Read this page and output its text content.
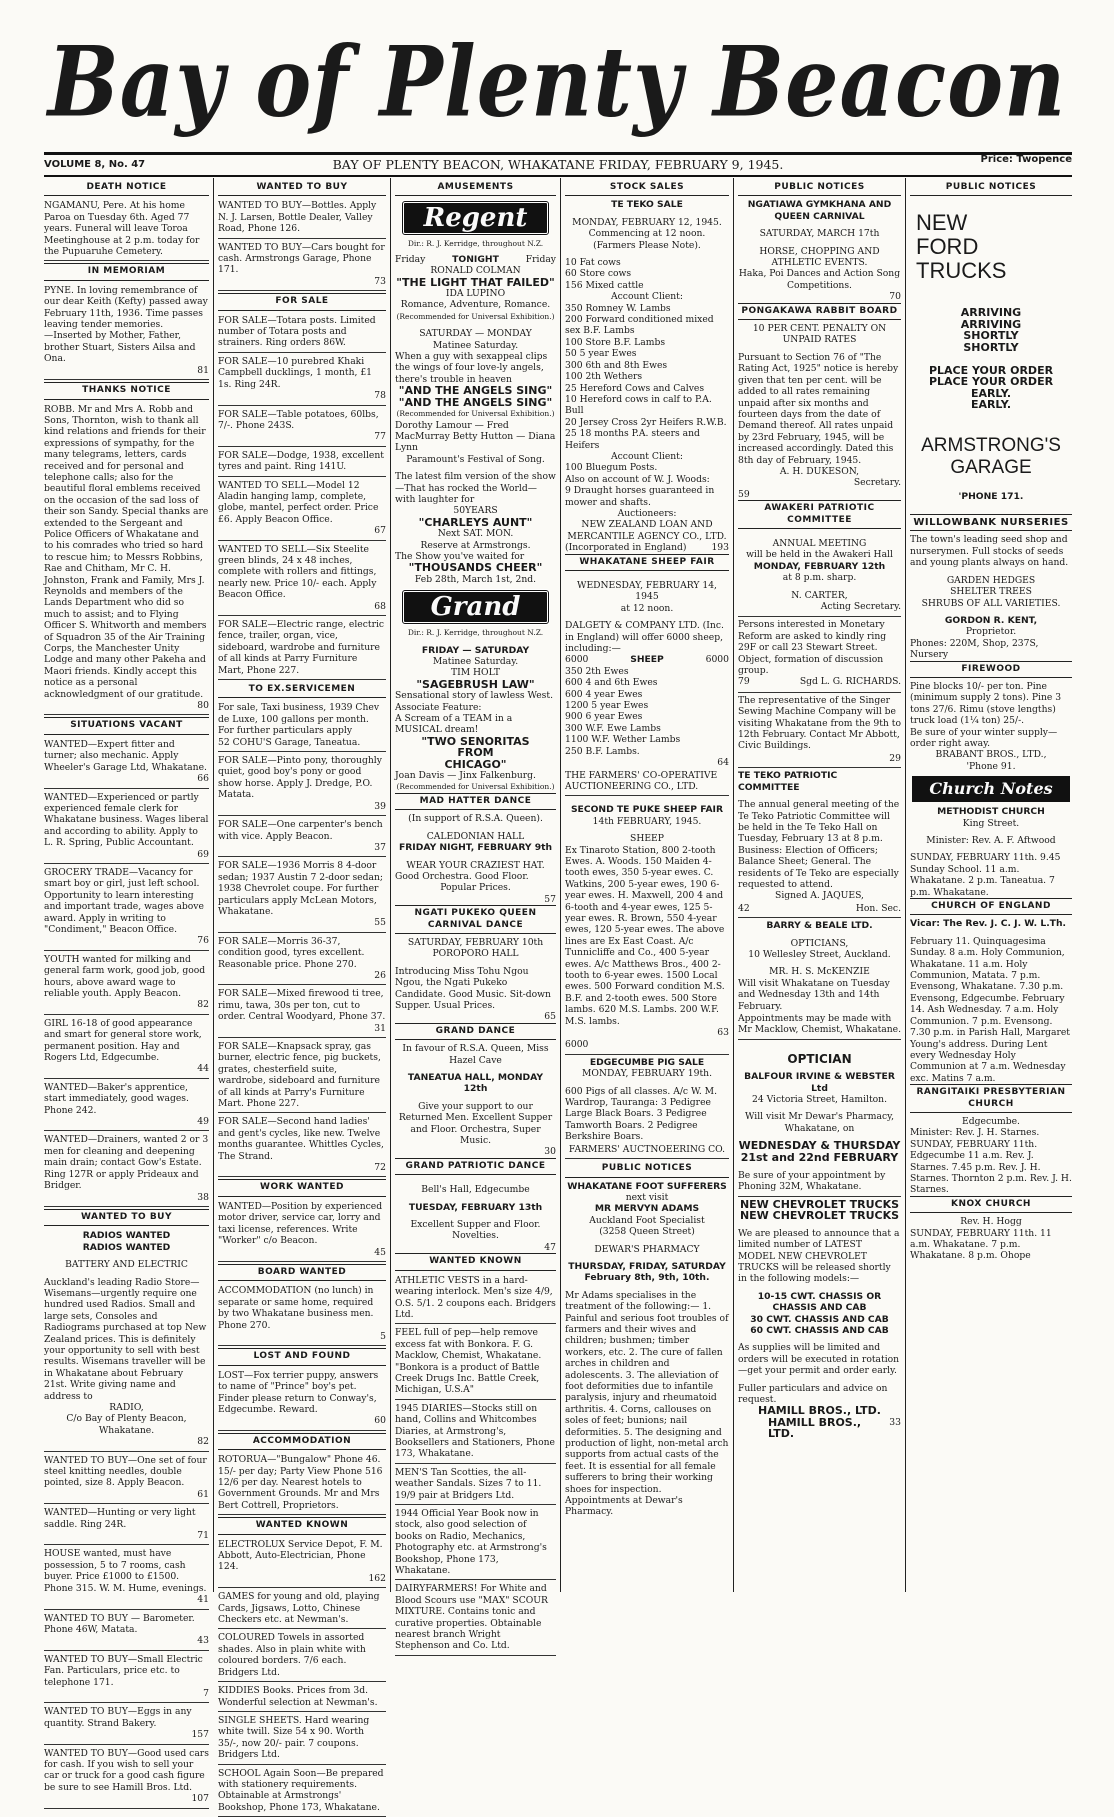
Bay of Plenty Beacon
VOLUME 8, No. 47	BAY OF PLENTY BEACON, WHAKATANE FRIDAY, FEBRUARY 9, 1945.	Price: Twopence
DEATH NOTICE

NGAMANU, Pere. At his home Paroa on Tuesday 6th. Aged 77 years. Funeral will leave Toroa Meetinghouse at 2 p.m. today for the Pupuaruhe Cemetery.

IN MEMORIAM

PYNE. In loving remembrance of our dear Keith (Kefty) passed away February 11th, 1936. Time passes leaving tender memories.

—Inserted by Mother, Father, brother Stuart, Sisters Ailsa and Ona.

81

THANKS NOTICE

ROBB. Mr and Mrs A. Robb and Sons, Thornton, wish to thank all kind relations and friends for their expressions of sympathy, for the many telegrams, letters, cards received and for personal and telephone calls; also for the beautiful floral emblems received on the occasion of the sad loss of their son Sandy. Special thanks are extended to the Sergeant and Police Officers of Whakatane and to his comrades who tried so hard to rescue him; to Messrs Robbins, Rae and Chitham, Mr C. H. Johnston, Frank and Family, Mrs J. Reynolds and members of the Lands Department who did so much to assist; and to Flying Officer S. Whitworth and members of Squadron 35 of the Air Training Corps, the Manchester Unity Lodge and many other Pakeha and Maori friends. Kindly accept this notice as a personal acknowledgment of our gratitude.

80

SITUATIONS VACANT

WANTED—Expert fitter and turner; also mechanic. Apply Wheeler's Garage Ltd, Whakatane.

66

WANTED—Experienced or partly experienced female clerk for Whakatane business. Wages liberal and according to ability. Apply to L. R. Spring, Public Accountant.

69

GROCERY TRADE—Vacancy for smart boy or girl, just left school. Opportunity to learn interesting and important trade, wages above award. Apply in writing to "Condiment," Beacon Office.

76

YOUTH wanted for milking and general farm work, good job, good hours, above award wage to reliable youth. Apply Beacon.

82

GIRL 16-18 of good appearance and smart for general store work, permanent position. Hay and Rogers Ltd, Edgecumbe.

44

WANTED—Baker's apprentice, start immediately, good wages. Phone 242.

49

WANTED—Drainers, wanted 2 or 3 men for cleaning and deepening main drain; contact Gow's Estate. Ring 127R or apply Prideaux and Bridger.

38

WANTED TO BUY

RADIOS WANTED

RADIOS WANTED

BATTERY AND ELECTRIC

Auckland's leading Radio Store—Wisemans—urgently require one hundred used Radios. Small and large sets, Consoles and Radiograms purchased at top New Zealand prices. This is definitely your opportunity to sell with best results. Wisemans traveller will be in Whakatane about February 21st. Write giving name and address to

RADIO,

C/o Bay of Plenty Beacon, Whakatane.

82

WANTED TO BUY—One set of four steel knitting needles, double pointed, size 8. Apply Beacon.

61

WANTED—Hunting or very light saddle. Ring 24R.

71

HOUSE wanted, must have possession, 5 to 7 rooms, cash buyer. Price £1000 to £1500. Phone 315. W. M. Hume, evenings.

41

WANTED TO BUY — Barometer. Phone 46W, Matata.

43

WANTED TO BUY—Small Electric Fan. Particulars, price etc. to telephone 171.

7

WANTED TO BUY—Eggs in any quantity. Strand Bakery.

157

WANTED TO BUY—Good used cars for cash. If you wish to sell your car or truck for a good cash figure be sure to see Hamill Bros. Ltd.

107

WANTED TO BUY

WANTED TO BUY—Bottles. Apply N. J. Larsen, Bottle Dealer, Valley Road, Phone 126.

WANTED TO BUY—Cars bought for cash. Armstrongs Garage, Phone 171.

73

FOR SALE

FOR SALE—Totara posts. Limited number of Totara posts and strainers. Ring orders 86W.

FOR SALE—10 purebred Khaki Campbell ducklings, 1 month, £1 1s. Ring 24R.

78

FOR SALE—Table potatoes, 60lbs, 7/-. Phone 243S.

77

FOR SALE—Dodge, 1938, excellent tyres and paint. Ring 141U.

WANTED TO SELL—Model 12 Aladin hanging lamp, complete, globe, mantel, perfect order. Price £6. Apply Beacon Office.

67

WANTED TO SELL—Six Steelite green blinds, 24 x 48 inches, complete with rollers and fittings, nearly new. Price 10/- each. Apply Beacon Office.

68

FOR SALE—Electric range, electric fence, trailer, organ, vice, sideboard, wardrobe and furniture of all kinds at Parry Furniture Mart, Phone 227.

TO EX.SERVICEMEN

For sale, Taxi business, 1939 Chev de Luxe, 100 gallons per month. For further particulars apply

52 COHU'S Garage, Taneatua.

FOR SALE—Pinto pony, thoroughly quiet, good boy's pony or good show horse. Apply J. Dredge, P.O. Matata.

39

FOR SALE—One carpenter's bench with vice. Apply Beacon.

37

FOR SALE—1936 Morris 8 4-door sedan; 1937 Austin 7 2-door sedan; 1938 Chevrolet coupe. For further particulars apply McLean Motors, Whakatane.

55

FOR SALE—Morris 36-37, condition good, tyres excellent. Reasonable price. Phone 270.

26

FOR SALE—Mixed firewood ti tree, rimu, tawa, 30s per ton, cut to order. Central Woodyard, Phone 37.

31

FOR SALE—Knapsack spray, gas burner, electric fence, pig buckets, grates, chesterfield suite, wardrobe, sideboard and furniture of all kinds at Parry's Furniture Mart. Phone 227.

FOR SALE—Second hand ladies' and gent's cycles, like new. Twelve months guarantee. Whittles Cycles, The Strand.

72

WORK WANTED

WANTED—Position by experienced motor driver, service car, lorry and taxi license, references. Write "Worker" c/o Beacon.

45

BOARD WANTED

ACCOMMODATION (no lunch) in separate or same home, required by two Whakatane business men. Phone 270.

5

LOST AND FOUND

LOST—Fox terrier puppy, answers to name of "Prince" boy's pet. Finder please return to Conway's, Edgecumbe. Reward.

60

ACCOMMODATION

ROTORUA—"Bungalow" Phone 46. 15/- per day; Party View Phone 516 12/6 per day. Nearest hotels to Government Grounds. Mr and Mrs Bert Cottrell, Proprietors.

WANTED KNOWN

ELECTROLUX Service Depot, F. M. Abbott, Auto-Electrician, Phone 124.

162

GAMES for young and old, playing Cards, Jigsaws, Lotto, Chinese Checkers etc. at Newman's.

COLOURED Towels in assorted shades. Also in plain white with coloured borders. 7/6 each. Bridgers Ltd.

KIDDIES Books. Prices from 3d. Wonderful selection at Newman's.

SINGLE SHEETS. Hard wearing white twill. Size 54 x 90. Worth 35/-, now 20/- pair. 7 coupons. Bridgers Ltd.

SCHOOL Again Soon—Be prepared with stationery requirements. Obtainable at Armstrongs' Bookshop, Phone 173, Whakatane.

AMUSEMENTS
Regent

Dir.: R. J. Kerridge, throughout N.Z.

Friday	TONIGHT	Friday

RONALD COLMAN

"THE LIGHT THAT FAILED"

IDA LUPINO

Romance, Adventure, Romance.

(Recommended for Universal Exhibition.)

SATURDAY — MONDAY

Matinee Saturday.

When a guy with sexappeal clips the wings of four love-ly angels, there's trouble in heaven

"AND THE ANGELS SING"

"AND THE ANGELS SING"

(Recommended for Universal Exhibition.)

Dorothy Lamour — Fred MacMurray Betty Hutton — Diana Lynn

Paramount's Festival of Song.

The latest film version of the show—That has rocked the World—with laughter for

50YEARS

"CHARLEYS AUNT"

Next SAT. MON.

Reserve at Armstrongs.

The Show you've waited for

"THOUSANDS CHEER"

Feb 28th, March 1st, 2nd.

Grand

Dir.: R. J. Kerridge, throughout N.Z.

FRIDAY — SATURDAY

Matinee Saturday.

TIM HOLT

"SAGEBRUSH LAW"

Sensational story of lawless West. Associate Feature:

A Scream of a TEAM in a MUSICAL dream!

"TWO SENORITAS

FROM

CHICAGO"

Joan Davis — Jinx Falkenburg.

(Recommended for Universal Exhibition.)

MAD HATTER DANCE

(In support of R.S.A. Queen).

CALEDONIAN HALL

FRIDAY NIGHT, FEBRUARY 9th

WEAR YOUR CRAZIEST HAT.

Good Orchestra. Good Floor.

Popular Prices.

57

NGATI PUKEKO QUEEN CARNIVAL DANCE

SATURDAY, FEBRUARY 10th

POROPORO HALL

Introducing Miss Tohu Ngou Ngou, the Ngati Pukeko Candidate. Good Music. Sit-down Supper. Usual Prices.

65

GRAND DANCE

In favour of R.S.A. Queen, Miss Hazel Cave

TANEATUA HALL, MONDAY 12th

Give your support to our Returned Men. Excellent Supper and Floor. Orchestra, Super Music.

30

GRAND PATRIOTIC DANCE

Bell's Hall, Edgecumbe

TUESDAY, FEBRUARY 13th

Excellent Supper and Floor. Novelties.

47

WANTED KNOWN

ATHLETIC VESTS in a hard-wearing interlock. Men's size 4/9, O.S. 5/1. 2 coupons each. Bridgers Ltd.

FEEL full of pep—help remove excess fat with Bonkora. F. G. Macklow, Chemist, Whakatane. "Bonkora is a product of Battle Creek Drugs Inc. Battle Creek, Michigan, U.S.A"

1945 DIARIES—Stocks still on hand, Collins and Whitcombes Diaries, at Armstrong's, Booksellers and Stationers, Phone 173, Whakatane.

MEN'S Tan Scotties, the all-weather Sandals. Sizes 7 to 11. 19/9 pair at Bridgers Ltd.

1944 Official Year Book now in stock, also good selection of books on Radio, Mechanics, Photography etc. at Armstrong's Bookshop, Phone 173, Whakatane.

DAIRYFARMERS! For White and Blood Scours use "MAX" SCOUR MIXTURE. Contains tonic and curative properties. Obtainable nearest branch Wright Stephenson and Co. Ltd.

STOCK SALES

TE TEKO SALE

MONDAY, FEBRUARY 12, 1945.

Commencing at 12 noon.

(Farmers Please Note).

10 Fat cows

60 Store cows

156 Mixed cattle

Account Client:

350 Romney W. Lambs

200 Forward conditioned mixed sex B.F. Lambs

100 Store B.F. Lambs

50 5 year Ewes

300 6th and 8th Ewes

100 2th Wethers

25 Hereford Cows and Calves

10 Hereford cows in calf to P.A. Bull

20 Jersey Cross 2yr Heifers R.W.B.

25 18 months P.A. steers and Heifers

Account Client:

100 Bluegum Posts.

Also on account of W. J. Woods:

9 Draught horses guaranteed in mower and shafts.

Auctioneers:

NEW ZEALAND LOAN AND MERCANTILE AGENCY CO., LTD.

(Incorporated in England)	193
WHAKATANE SHEEP FAIR

WEDNESDAY, FEBRUARY 14, 1945

at 12 noon.

DALGETY & COMPANY LTD. (Inc. in England) will offer 6000 sheep, including:—

6000	SHEEP	6000

350 2th Ewes

600 4 and 6th Ewes

600 4 year Ewes

1200 5 year Ewes

900 6 year Ewes

300 W.F. Ewe Lambs

1100 W.F. Wether Lambs

250 B.F. Lambs.

64

THE FARMERS' CO-OPERATIVE AUCTIONEERING CO., LTD.

SECOND TE PUKE SHEEP FAIR

14th FEBRUARY, 1945.

SHEEP

Ex Tinaroto Station, 800 2-tooth Ewes. A. Woods. 150 Maiden 4-tooth ewes, 350 5-year ewes. C. Watkins, 200 5-year ewes, 190 6-year ewes. H. Maxwell, 200 4 and 6-tooth and 4-year ewes, 125 5-year ewes. R. Brown, 550 4-year ewes, 120 5-year ewes. The above lines are Ex East Coast. A/c Tunnicliffe and Co., 400 5-year ewes. A/c Matthews Bros., 400 2-tooth to 6-year ewes. 1500 Local ewes. 500 Forward condition M.S. B.F. and 2-tooth ewes. 500 Store lambs. 620 M.S. Lambs. 200 W.F. M.S. lambs.

63

6000

EDGECUMBE PIG SALE

MONDAY, FEBRUARY 19th.

600 Pigs of all classes. A/c W. M. Wardrop, Tauranga: 3 Pedigree Large Black Boars. 3 Pedigree Tamworth Boars. 2 Pedigree Berkshire Boars.

FARMERS' AUCTNOEERING CO.

PUBLIC NOTICES

WHAKATANE FOOT SUFFERERS

next visit

MR MERVYN ADAMS

Auckland Foot Specialist

(3258 Queen Street)

DEWAR'S PHARMACY

THURSDAY, FRIDAY, SATURDAY February 8th, 9th, 10th.

Mr Adams specialises in the treatment of the following:— 1. Painful and serious foot troubles of farmers and their wives and children; bushmen; timber workers, etc. 2. The cure of fallen arches in children and adolescents. 3. The alleviation of foot deformities due to infantile paralysis, injury and rheumatoid arthritis. 4. Corns, callouses on soles of feet; bunions; nail deformities. 5. The designing and production of light, non-metal arch supports from actual casts of the feet. It is essential for all female sufferers to bring their working shoes for inspection.

Appointments at Dewar's Pharmacy.

PUBLIC NOTICES

NGATIAWA GYMKHANA AND QUEEN CARNIVAL

SATURDAY, MARCH 17th

HORSE, CHOPPING AND ATHLETIC EVENTS.

Haka, Poi Dances and Action Song Competitions.

70

PONGAKAWA RABBIT BOARD

10 PER CENT. PENALTY ON UNPAID RATES

Pursuant to Section 76 of "The Rating Act, 1925" notice is hereby given that ten per cent. will be added to all rates remaining unpaid after six months and fourteen days from the date of Demand thereof. All rates unpaid by 23rd February, 1945, will be increased accordingly. Dated this 8th day of February, 1945.

A. H. DUKESON,

Secretary.

59

AWAKERI PATRIOTIC COMMITTEE

ANNUAL MEETING

will be held in the Awakeri Hall

MONDAY, FEBRUARY 12th

at 8 p.m. sharp.

N. CARTER,

Acting Secretary.

Persons interested in Monetary Reform are asked to kindly ring 29F or call 23 Stewart Street. Object, formation of discussion group.

79	Sgd L. G. RICHARDS.

The representative of the Singer Sewing Machine Company will be visiting Whakatane from the 9th to 12th February. Contact Mr Abbott, Civic Buildings.

29

TE TEKO PATRIOTIC COMMITTEE

The annual general meeting of the Te Teko Patriotic Committee will be held in the Te Teko Hall on Tuesday, February 13 at 8 p.m. Business: Election of Officers; Balance Sheet; General. The residents of Te Teko are especially requested to attend.

Signed A. JAQUES,

42	Hon. Sec.

BARRY & BEALE LTD.

OPTICIANS,

10 Wellesley Street, Auckland.

MR. H. S. McKENZIE

Will visit Whakatane on Tuesday and Wednesday 13th and 14th February.

Appointments may be made with Mr Macklow, Chemist, Whakatane.

OPTICIAN

BALFOUR IRVINE & WEBSTER Ltd

24 Victoria Street, Hamilton.

Will visit Mr Dewar's Pharmacy, Whakatane, on

WEDNESDAY & THURSDAY

21st and 22nd FEBRUARY

Be sure of your appointment by Phoning 32M, Whakatane.

NEW CHEVROLET TRUCKS

NEW CHEVROLET TRUCKS

We are pleased to announce that a limited number of LATEST MODEL NEW CHEVROLET TRUCKS will be released shortly in the following models:—

10-15 CWT. CHASSIS OR CHASSIS AND CAB

30 CWT. CHASSIS AND CAB

60 CWT. CHASSIS AND CAB

As supplies will be limited and orders will be executed in rotation—get your permit and order early.

Fuller particulars and advice on request.

HAMILL BROS., LTD.

HAMILL BROS., LTD.
33
PUBLIC NOTICES

NEW

FORD

TRUCKS

ARRIVING

ARRIVING

SHORTLY

SHORTLY

PLACE YOUR ORDER

PLACE YOUR ORDER

EARLY.

EARLY.

ARMSTRONG'S

GARAGE

'PHONE 171.

WILLOWBANK NURSERIES

The town's leading seed shop and nurserymen. Full stocks of seeds and young plants always on hand.

GARDEN HEDGES

SHELTER TREES

SHRUBS OF ALL VARIETIES.

GORDON R. KENT,

Proprietor.

Phones: 220M, Shop, 237S, Nursery

FIREWOOD

Pine blocks 10/- per ton. Pine (minimum supply 2 tons). Pine 3 tons 27/6. Rimu (stove lengths) truck load (1¼ ton) 25/-.

Be sure of your winter supply—order right away.

BRABANT BROS., LTD.,

'Phone 91.

Church Notes

METHODIST CHURCH

King Street.

Minister: Rev. A. F. Aftwood

SUNDAY, FEBRUARY 11th. 9.45 Sunday School. 11 a.m. Whakatane. 2 p.m. Taneatua. 7 p.m. Whakatane.

CHURCH OF ENGLAND

Vicar: The Rev. J. C. J. W. L.Th.

February 11. Quinquagesima Sunday. 8 a.m. Holy Communion, Whakatane. 11 a.m. Holy Communion, Matata. 7 p.m. Evensong, Whakatane. 7.30 p.m. Evensong, Edgecumbe. February 14. Ash Wednesday. 7 a.m. Holy Communion. 7 p.m. Evensong. 7.30 p.m. in Parish Hall, Margaret Young's address. During Lent every Wednesday Holy Communion at 7 a.m. Wednesday exc. Matins 7 a.m.

RANGITAIKI PRESBYTERIAN CHURCH

Edgecumbe.

Minister: Rev. J. H. Starnes. SUNDAY, FEBRUARY 11th. Edgecumbe 11 a.m. Rev. J. Starnes. 7.45 p.m. Rev. J. H. Starnes. Thornton 2 p.m. Rev. J. H. Starnes.

KNOX CHURCH

Rev. H. Hogg

SUNDAY, FEBRUARY 11th. 11 a.m. Whakatane. 7 p.m. Whakatane. 8 p.m. Ohope
